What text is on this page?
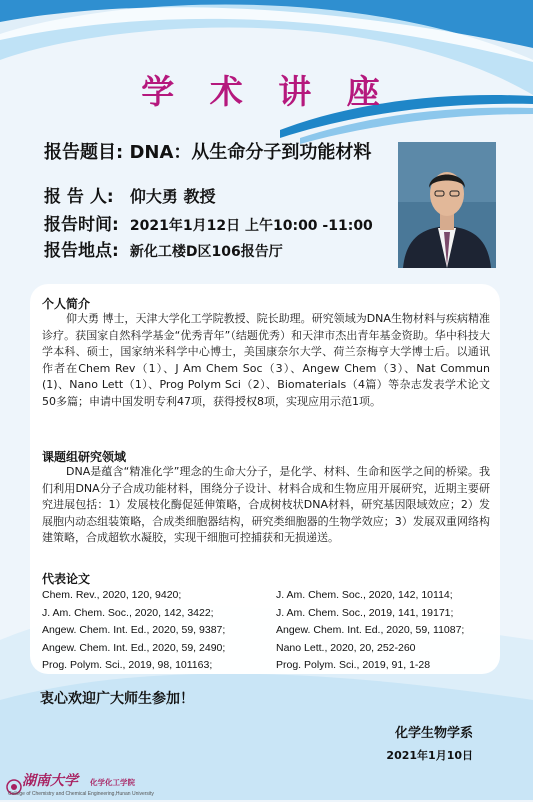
学 术 讲 座
报告题目: DNA：从生命分子到功能材料
报 告 人: 仰大勇 教授
报告时间: 2021年1月12日 上午10:00 -11:00
报告地点: 新化工楼D区106报告厅
个人简介

仰大勇 博士，天津大学化工学院教授、院长助理。研究领域为DNA生物材料与疾病精准诊疗。获国家自然科学基金“优秀青年”（结题优秀）和天津市杰出青年基金资助。华中科技大学本科、硕士，国家纳米科学中心博士，美国康奈尔大学、荷兰奈梅亨大学博士后。以通讯作者在Chem Rev（1）、J Am Chem Soc（3）、Angew Chem（3）、Nat Commun (1)、Nano Lett（1）、Prog Polym Sci（2）、Biomaterials（4篇）等杂志发表学术论文50多篇；申请中国发明专利47项，获得授权8项，实现应用示范1项。

课题组研究领域

DNA是蕴含“精准化学”理念的生命大分子，是化学、材料、生命和医学之间的桥梁。我们利用DNA分子合成功能材料，围绕分子设计、材料合成和生物应用开展研究，近期主要研究进展包括：1）发展枝化酶促延伸策略，合成树枝状DNA材料，研究基因限域效应；2）发展胞内动态组装策略，合成类细胞器结构，研究类细胞器的生物学效应；3）发展双重网络构建策略，合成超软水凝胶，实现干细胞可控捕获和无损递送。

代表论文
Chem. Rev., 2020, 120, 9420;	J. Am. Chem. Soc., 2020, 142, 10114;
J. Am. Chem. Soc., 2020, 142, 3422;	J. Am. Chem. Soc., 2019, 141, 19171;
Angew. Chem. Int. Ed., 2020, 59, 9387;	Angew. Chem. Int. Ed., 2020, 59, 11087;
Angew. Chem. Int. Ed., 2020, 59, 2490;	Nano Lett., 2020, 20, 252-260
Prog. Polym. Sci., 2019, 98, 101163;	Prog. Polym. Sci., 2019, 91, 1-28
衷心欢迎广大师生参加！
化学生物学系
2021年1月10日
湖南大学 化学化工学院
College of Chemistry and Chemical Engineering,Hunan University
